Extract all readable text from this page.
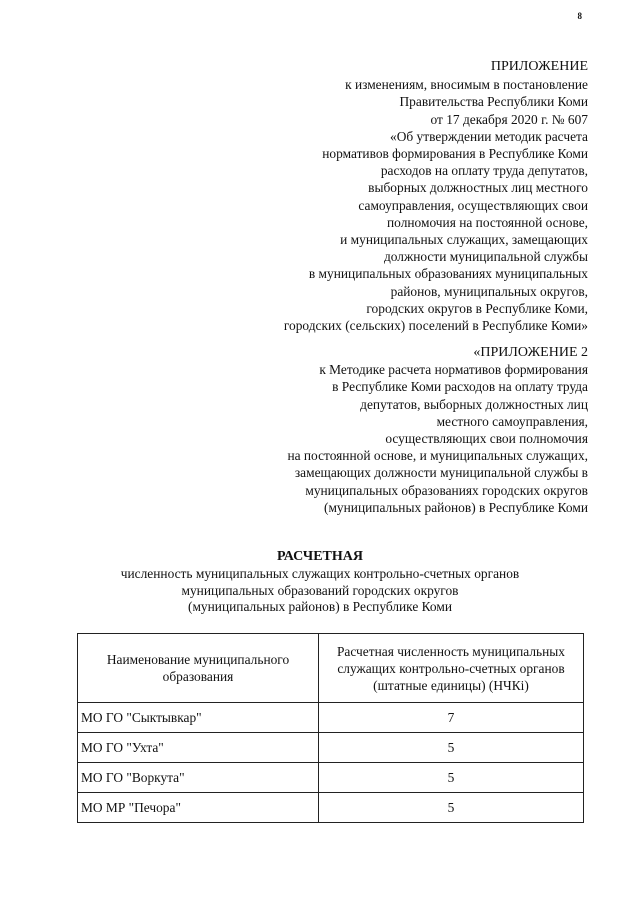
8
ПРИЛОЖЕНИЕ
к изменениям, вносимым в постановление
Правительства Республики Коми
от 17 декабря 2020 г. № 607
«Об утверждении методик расчета
нормативов формирования в Республике Коми
расходов на оплату труда депутатов,
выборных должностных лиц местного
самоуправления, осуществляющих свои
полномочия на постоянной основе,
и муниципальных служащих, замещающих
должности муниципальной службы
в муниципальных образованиях муниципальных
районов, муниципальных округов,
городских округов в Республике Коми,
городских (сельских) поселений в Республике Коми»
«ПРИЛОЖЕНИЕ 2
к Методике расчета нормативов формирования
в Республике Коми расходов на оплату труда
депутатов, выборных должностных лиц
местного самоуправления,
осуществляющих свои полномочия
на постоянной основе, и муниципальных служащих,
замещающих должности муниципальной службы в
муниципальных образованиях городских округов
(муниципальных районов) в Республике Коми
РАСЧЕТНАЯ
численность муниципальных служащих контрольно-счетных органов
муниципальных образований городских округов
(муниципальных районов) в Республике Коми
Наименование муниципального образования	Расчетная численность муниципальных служащих контрольно-счетных органов (штатные единицы) (НЧКi)
МО ГО "Сыктывкар"	7
МО ГО "Ухта"	5
МО ГО "Воркута"	5
МО МР "Печора"	5
